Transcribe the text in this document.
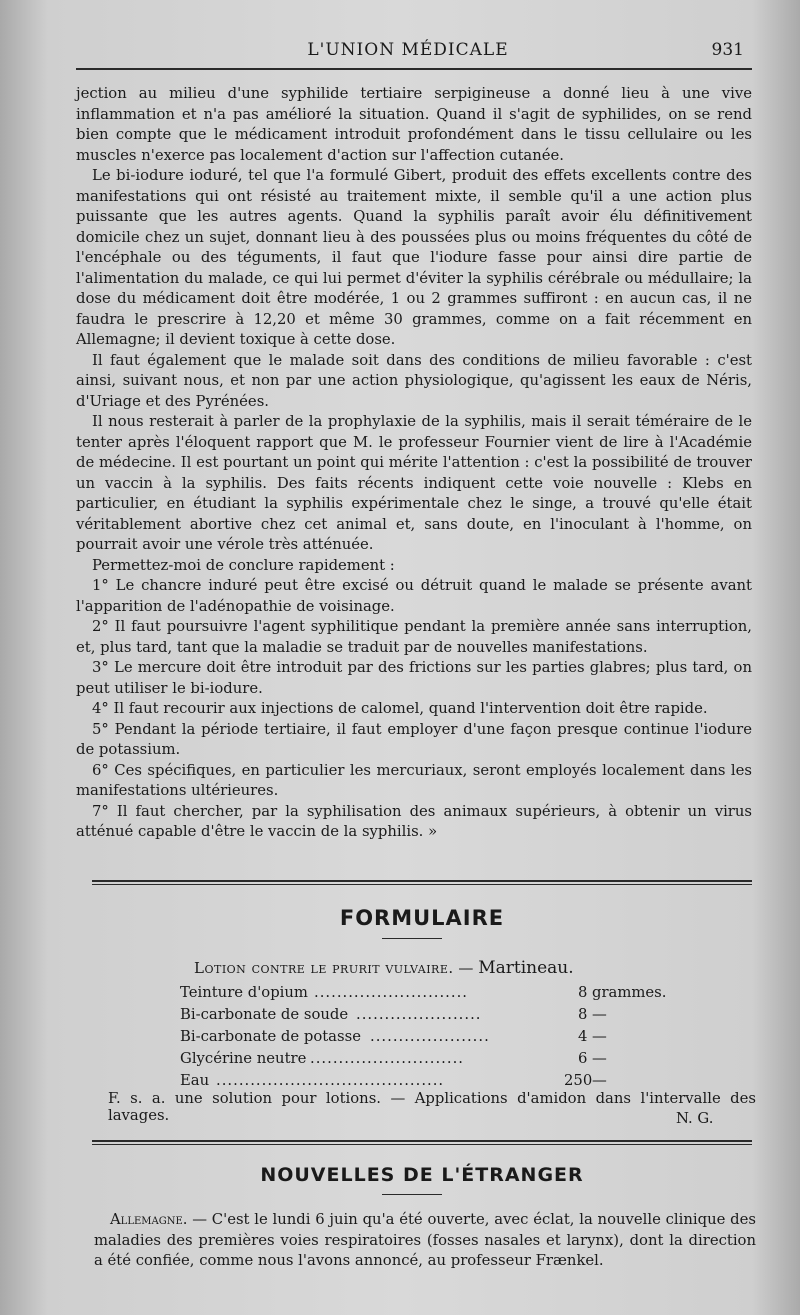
L'UNION MÉDICALE	931

jection au milieu d'une syphilide tertiaire serpigineuse a donné lieu à une vive inflammation et n'a pas amélioré la situation. Quand il s'agit de syphilides, on se rend bien compte que le médicament introduit profondément dans le tissu cellulaire ou les muscles n'exerce pas localement d'action sur l'affection cutanée.

Le bi-iodure ioduré, tel que l'a formulé Gibert, produit des effets excellents contre des manifestations qui ont résisté au traitement mixte, il semble qu'il a une action plus puissante que les autres agents. Quand la syphilis paraît avoir élu définitivement domicile chez un sujet, donnant lieu à des poussées plus ou moins fréquentes du côté de l'encéphale ou des téguments, il faut que l'iodure fasse pour ainsi dire partie de l'alimentation du malade, ce qui lui permet d'éviter la syphilis cérébrale ou médullaire; la dose du médicament doit être modérée, 1 ou 2 grammes suffiront : en aucun cas, il ne faudra le prescrire à 12,20 et même 30 grammes, comme on a fait récemment en Allemagne; il devient toxique à cette dose.

Il faut également que le malade soit dans des conditions de milieu favorable : c'est ainsi, suivant nous, et non par une action physiologique, qu'agissent les eaux de Néris, d'Uriage et des Pyrénées.

Il nous resterait à parler de la prophylaxie de la syphilis, mais il serait téméraire de le tenter après l'éloquent rapport que M. le professeur Fournier vient de lire à l'Académie de médecine. Il est pourtant un point qui mérite l'attention : c'est la possibilité de trouver un vaccin à la syphilis. Des faits récents indiquent cette voie nouvelle : Klebs en particulier, en étudiant la syphilis expérimentale chez le singe, a trouvé qu'elle était véritablement abortive chez cet animal et, sans doute, en l'inoculant à l'homme, on pourrait avoir une vérole très atténuée.

Permettez-moi de conclure rapidement :

1° Le chancre induré peut être excisé ou détruit quand le malade se présente avant l'apparition de l'adénopathie de voisinage.

2° Il faut poursuivre l'agent syphilitique pendant la première année sans interruption, et, plus tard, tant que la maladie se traduit par de nouvelles manifestations.

3° Le mercure doit être introduit par des frictions sur les parties glabres; plus tard, on peut utiliser le bi-iodure.

4° Il faut recourir aux injections de calomel, quand l'intervention doit être rapide.

5° Pendant la période tertiaire, il faut employer d'une façon presque continue l'iodure de potassium.

6° Ces spécifiques, en particulier les mercuriaux, seront employés localement dans les manifestations ultérieures.

7° Il faut chercher, par la syphilisation des animaux supérieurs, à obtenir un virus atténué capable d'être le vaccin de la syphilis. »

FORMULAIRE
Lotion contre le prurit vulvaire. — Martineau.
Teinture d'opium ...........................	8 grammes.
Bi-carbonate de soude ......................	8 —
Bi-carbonate de potasse .....................	4 —
Glycérine neutre ...........................	6 —
Eau ........................................	250 —
F. s. a. une solution pour lotions. — Applications d'amidon dans l'intervalle des lavages.	N. G.
NOUVELLES DE L'ÉTRANGER
Allemagne. — C'est le lundi 6 juin qu'a été ouverte, avec éclat, la nouvelle clinique des maladies des premières voies respiratoires (fosses nasales et larynx), dont la direction a été confiée, comme nous l'avons annoncé, au professeur Frænkel.
